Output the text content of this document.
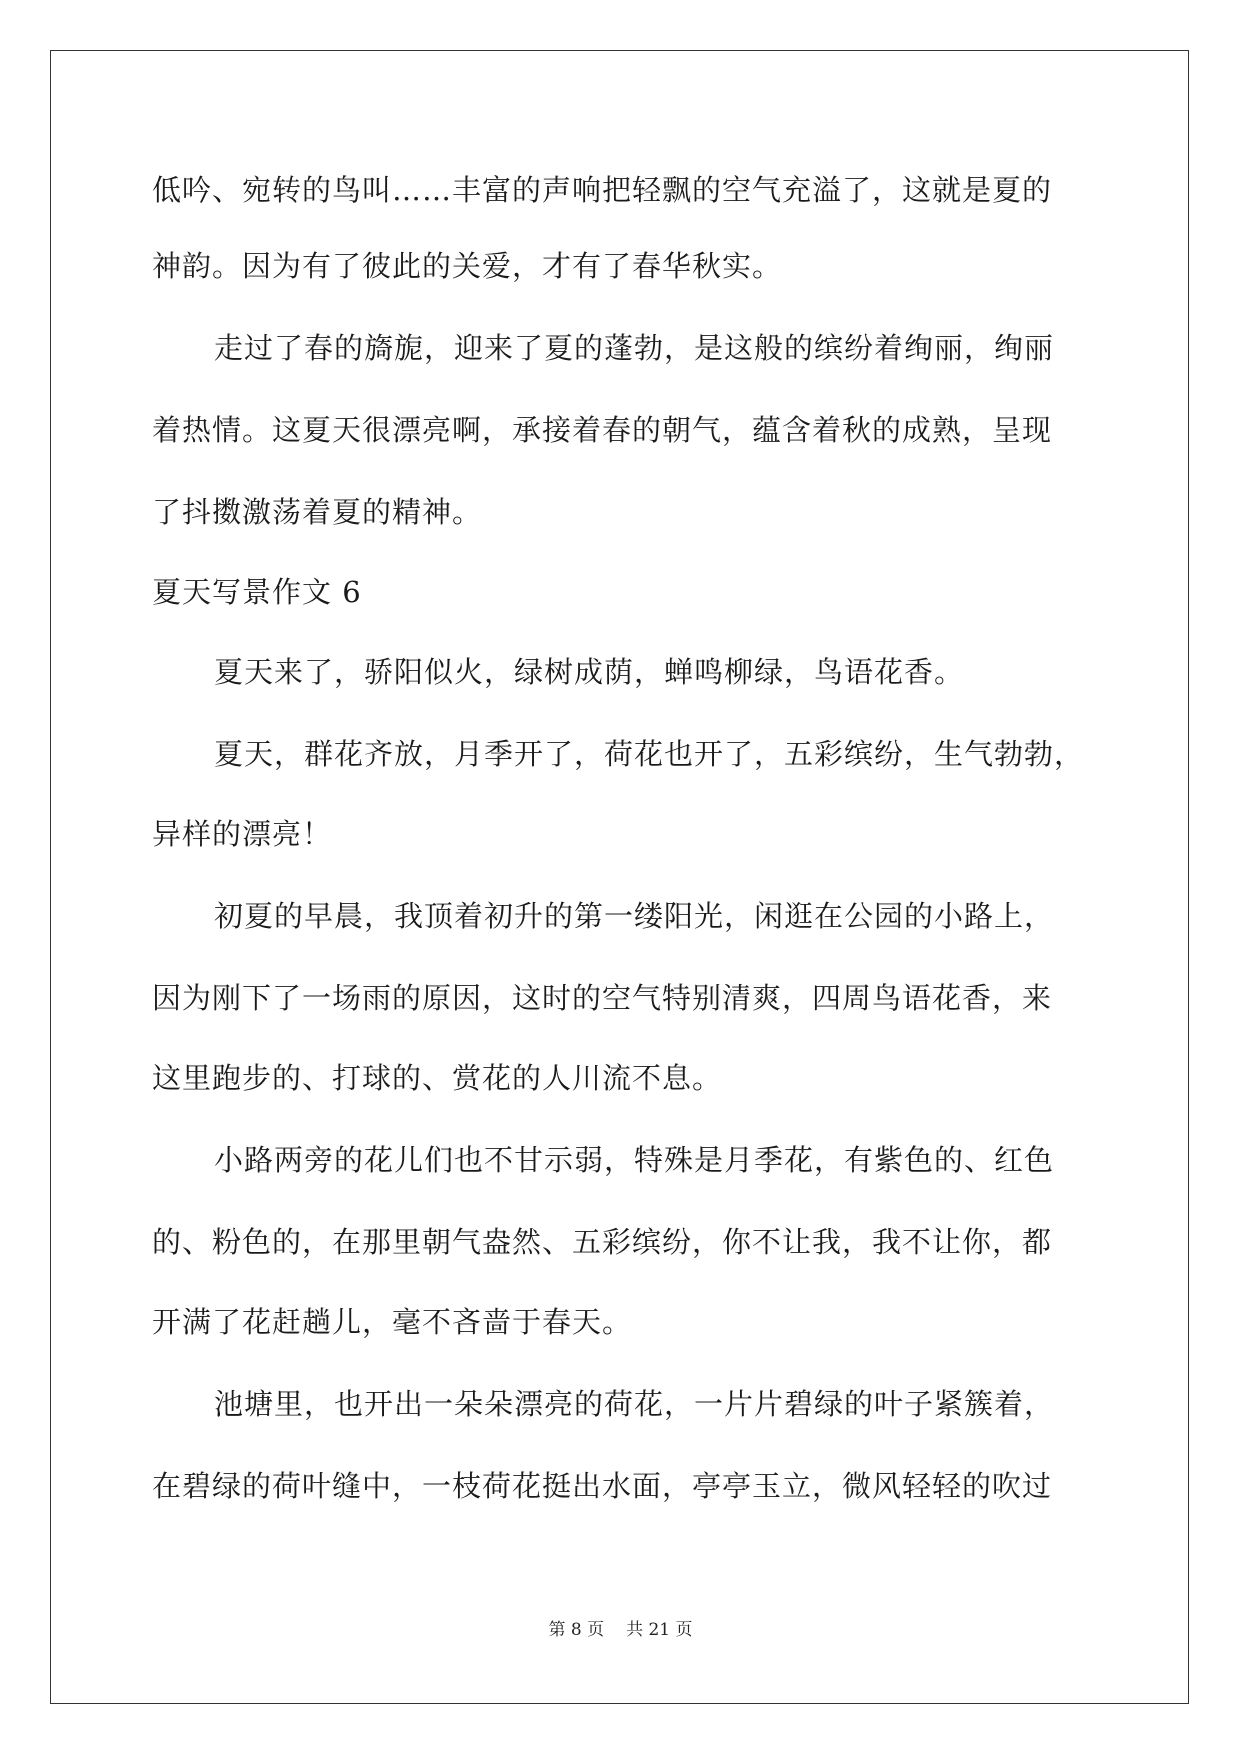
低吟、宛转的鸟叫……丰富的声响把轻飘的空气充溢了，这就是夏的
神韵。因为有了彼此的关爱，才有了春华秋实。
走过了春的旖旎，迎来了夏的蓬勃，是这般的缤纷着绚丽，绚丽
着热情。这夏天很漂亮啊，承接着春的朝气，蕴含着秋的成熟，呈现
了抖擞激荡着夏的精神。
夏天写景作文 6
夏天来了，骄阳似火，绿树成荫，蝉鸣柳绿，鸟语花香。
夏天，群花齐放，月季开了，荷花也开了，五彩缤纷，生气勃勃，
异样的漂亮！
初夏的早晨，我顶着初升的第一缕阳光，闲逛在公园的小路上，
因为刚下了一场雨的原因，这时的空气特别清爽，四周鸟语花香，来
这里跑步的、打球的、赏花的人川流不息。
小路两旁的花儿们也不甘示弱，特殊是月季花，有紫色的、红色
的、粉色的，在那里朝气盎然、五彩缤纷，你不让我，我不让你，都
开满了花赶趟儿，毫不吝啬于春天。
池塘里，也开出一朵朵漂亮的荷花，一片片碧绿的叶子紧簇着，
在碧绿的荷叶缝中，一枝荷花挺出水面，亭亭玉立，微风轻轻的吹过
第 8 页 共 21 页
